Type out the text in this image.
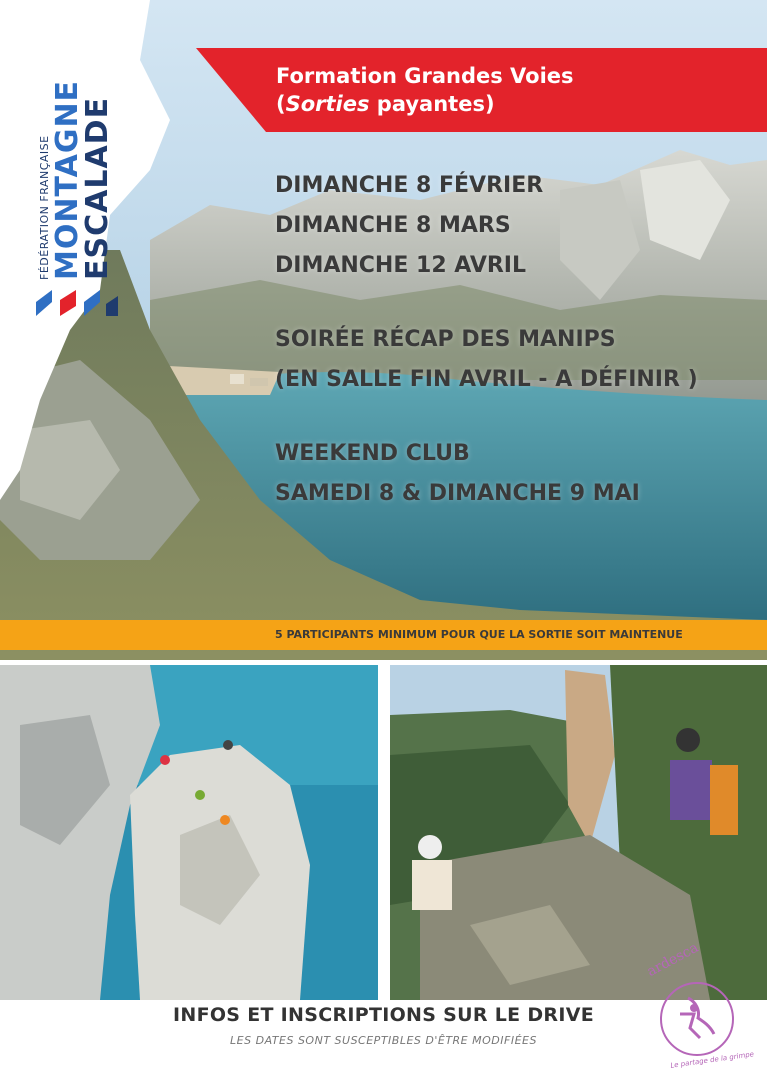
FÉDÉRATION FRANÇAISE MONTAGNE
ESCALADE
Formation Grandes Voies
(Sorties payantes)
DIMANCHE 8 FÉVRIER
DIMANCHE 8 MARS
DIMANCHE 12 AVRIL
SOIRÉE RÉCAP DES MANIPS
(EN SALLE FIN AVRIL - A DÉFINIR )
WEEKEND CLUB
SAMEDI 8 & DIMANCHE 9 MAI
5 PARTICIPANTS MINIMUM POUR QUE LA SORTIE SOIT MAINTENUE
INFOS ET INSCRIPTIONS SUR LE DRIVE
LES DATES SONT SUSCEPTIBLES D'ÊTRE MODIFIÉES
ardesca
Le partage de la grimpe
